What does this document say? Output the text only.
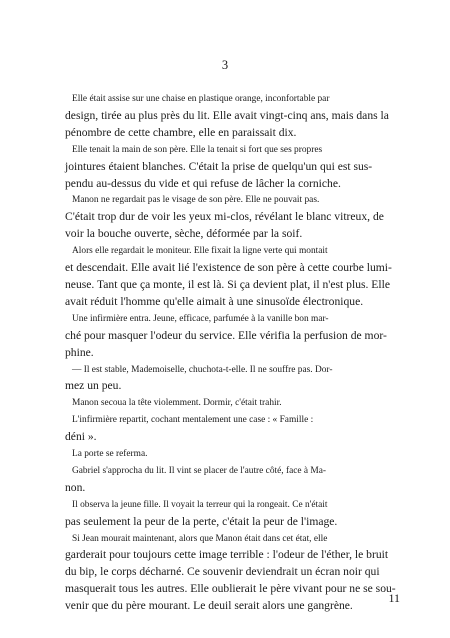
3

Elle était assise sur une chaise en plastique orange, inconfortable par
design, tirée au plus près du lit. Elle avait vingt-cinq ans, mais dans la
pénombre de cette chambre, elle en paraissait dix.

Elle tenait la main de son père. Elle la tenait si fort que ses propres
jointures étaient blanches. C'était la prise de quelqu'un qui est sus-
pendu au-dessus du vide et qui refuse de lâcher la corniche.

Manon ne regardait pas le visage de son père. Elle ne pouvait pas.
C'était trop dur de voir les yeux mi-clos, révélant le blanc vitreux, de
voir la bouche ouverte, sèche, déformée par la soif.

Alors elle regardait le moniteur. Elle fixait la ligne verte qui montait
et descendait. Elle avait lié l'existence de son père à cette courbe lumi-
neuse. Tant que ça monte, il est là. Si ça devient plat, il n'est plus. Elle
avait réduit l'homme qu'elle aimait à une sinusoïde électronique.

Une infirmière entra. Jeune, efficace, parfumée à la vanille bon mar-
ché pour masquer l'odeur du service. Elle vérifia la perfusion de mor-
phine.

— Il est stable, Mademoiselle, chuchota-t-elle. Il ne souffre pas. Dor-
mez un peu.

Manon secoua la tête violemment. Dormir, c'était trahir.

L'infirmière repartit, cochant mentalement une case : « Famille :
déni ».

La porte se referma.

Gabriel s'approcha du lit. Il vint se placer de l'autre côté, face à Ma-
non.

Il observa la jeune fille. Il voyait la terreur qui la rongeait. Ce n'était
pas seulement la peur de la perte, c'était la peur de l'image.

Si Jean mourait maintenant, alors que Manon était dans cet état, elle
garderait pour toujours cette image terrible : l'odeur de l'éther, le bruit
du bip, le corps décharné. Ce souvenir deviendrait un écran noir qui
masquerait tous les autres. Elle oublierait le père vivant pour ne se sou-
venir que du père mourant. Le deuil serait alors une gangrène.

11
